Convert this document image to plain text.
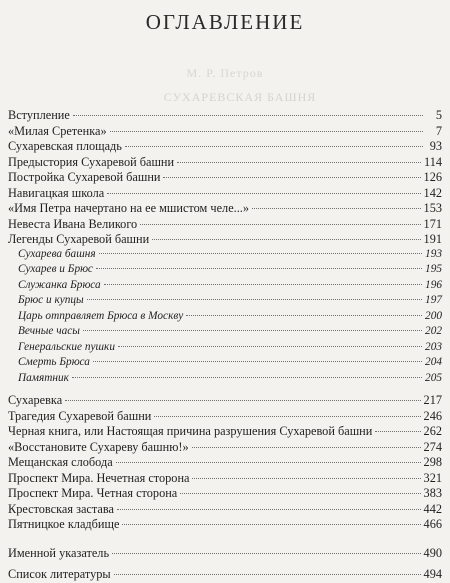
ОГЛАВЛЕНИЕ
М. Р. Петров
СУХАРЕВСКАЯ БАШНЯ
Вступление	5
«Милая Сретенка»	7
Сухаревская площадь	93
Предыстория Сухаревой башни	114
Постройка Сухаревой башни	126
Навигацкая школа	142
«Имя Петра начертано на ее мшистом челе...»	153
Невеста Ивана Великого	171
Легенды Сухаревой башни	191
Сухарева башня	193
Сухарев и Брюс	195
Служанка Брюса	196
Брюс и купцы	197
Царь отправляет Брюса в Москву	200
Вечные часы	202
Генеральские пушки	203
Смерть Брюса	204
Памятник	205
Сухаревка	217
Трагедия Сухаревой башни	246
Черная книга, или Настоящая причина разрушения Сухаревой башни	262
«Восстановите Сухареву башню!»	274
Мещанская слобода	298
Проспект Мира. Нечетная сторона	321
Проспект Мира. Четная сторона	383
Крестовская застава	442
Пятницкое кладбище	466
Именной указатель	490
Список литературы	494
